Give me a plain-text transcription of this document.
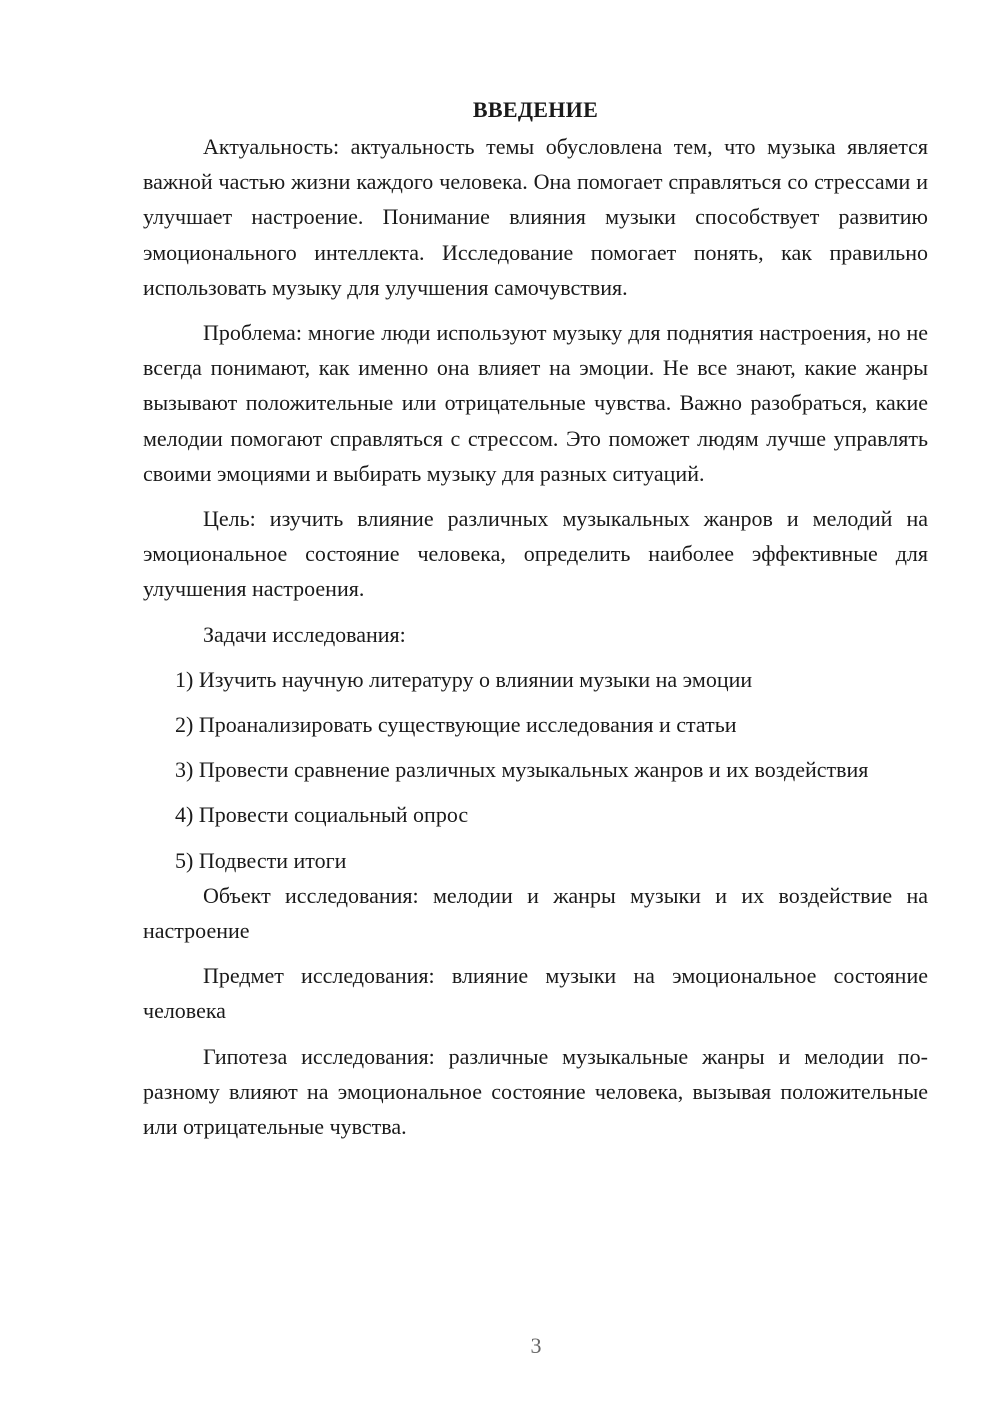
ВВЕДЕНИЕ

Актуальность: актуальность темы обусловлена тем, что музыка является важной частью жизни каждого человека. Она помогает справляться со стрессами и улучшает настроение. Понимание влияния музыки способствует развитию эмоционального интеллекта. Исследование помогает понять, как правильно использовать музыку для улучшения самочувствия.

Проблема: многие люди используют музыку для поднятия настроения, но не всегда понимают, как именно она влияет на эмоции. Не все знают, какие жанры вызывают положительные или отрицательные чувства. Важно разобраться, какие мелодии помогают справляться с стрессом. Это поможет людям лучше управлять своими эмоциями и выбирать музыку для разных ситуаций.

Цель: изучить влияние различных музыкальных жанров и мелодий на эмоциональное состояние человека, определить наиболее эффективные для улучшения настроения.

Задачи исследования:

1) Изучить научную литературу о влиянии музыки на эмоции

2) Проанализировать существующие исследования и статьи

3) Провести сравнение различных музыкальных жанров и их воздействия

4) Провести социальный опрос

5) Подвести итоги

Объект исследования: мелодии и жанры музыки и их воздействие на настроение

Предмет исследования: влияние музыки на эмоциональное состояние человека

Гипотеза исследования: различные музыкальные жанры и мелодии по-разному влияют на эмоциональное состояние человека, вызывая положительные или отрицательные чувства.

3
